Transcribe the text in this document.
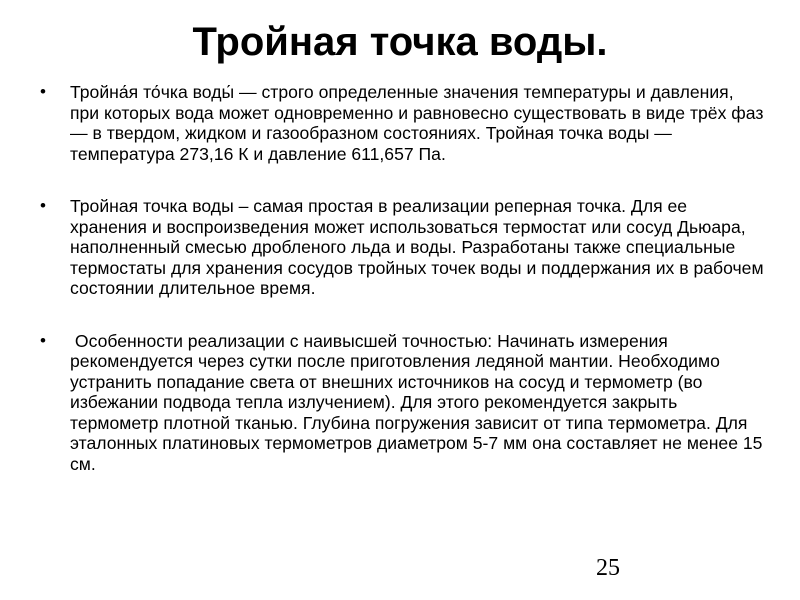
Тройная точка воды.
• Тройна́я то́чка воды́ — строго определенные значения температуры и давления, при которых вода может одновременно и равновесно существовать в виде трёх фаз — в твердом, жидком и газообразном состояниях. Тройная точка воды — температура 273,16 К и давление 611,657 Па.
• Тройная точка воды – самая простая в реализации реперная точка. Для ее хранения и воспроизведения может использоваться термостат или сосуд Дьюара, наполненный смесью дробленого льда и воды. Разработаны также специальные термостаты для хранения сосудов тройных точек воды и поддержания их в рабочем состоянии длительное время.
• Особенности реализации с наивысшей точностью: Начинать измерения рекомендуется через сутки после приготовления ледяной мантии. Необходимо устранить попадание света от внешних источников на сосуд и термометр (во избежании подвода тепла излучением). Для этого рекомендуется закрыть термометр плотной тканью. Глубина погружения зависит от типа термометра. Для эталонных платиновых термометров диаметром 5-7 мм она составляет не менее 15 см.
25
